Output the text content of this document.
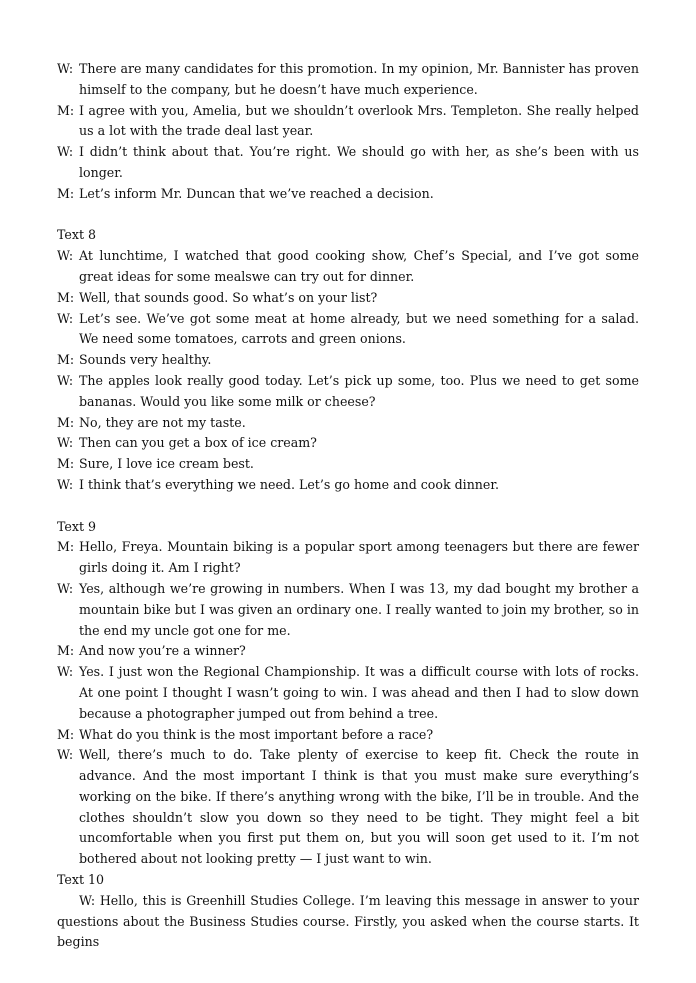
W: There are many candidates for this promotion. In my opinion, Mr. Bannister has proven himself to the company, but he doesn’t have much experience.
M: I agree with you, Amelia, but we shouldn’t overlook Mrs. Templeton. She really helped us a lot with the trade deal last year.
W: I didn’t think about that. You’re right. We should go with her, as she’s been with us longer.
M: Let’s inform Mr. Duncan that we’ve reached a decision.
Text 8
W: At lunchtime, I watched that good cooking show, Chef’s Special, and I’ve got some great ideas for some mealswe can try out for dinner.
M: Well, that sounds good. So what’s on your list?
W: Let’s see. We’ve got some meat at home already, but we need something for a salad. We need some tomatoes, carrots and green onions.
M: Sounds very healthy.
W: The apples look really good today. Let’s pick up some, too. Plus we need to get some bananas. Would you like some milk or cheese?
M: No, they are not my taste.
W: Then can you get a box of ice cream?
M: Sure, I love ice cream best.
W: I think that’s everything we need. Let’s go home and cook dinner.
Text 9
M: Hello, Freya. Mountain biking is a popular sport among teenagers but there are fewer girls doing it. Am I right?
W: Yes, although we’re growing in numbers. When I was 13, my dad bought my brother a mountain bike but I was given an ordinary one. I really wanted to join my brother, so in the end my uncle got one for me.
M: And now you’re a winner?
W: Yes. I just won the Regional Championship. It was a difficult course with lots of rocks. At one point I thought I wasn’t going to win. I was ahead and then I had to slow down because a photographer jumped out from behind a tree.
M: What do you think is the most important before a race?
W: Well, there’s much to do. Take plenty of exercise to keep fit. Check the route in advance. And the most important I think is that you must make sure everything’s working on the bike. If there’s anything wrong with the bike, I’ll be in trouble. And the clothes shouldn’t slow you down so they need to be tight. They might feel a bit uncomfortable when you first put them on, but you will soon get used to it. I’m not bothered about not looking pretty — I just want to win.
Text 10
W: Hello, this is Greenhill Studies College. I’m leaving this message in answer to your questions about the Business Studies course. Firstly, you asked when the course starts. It begins
